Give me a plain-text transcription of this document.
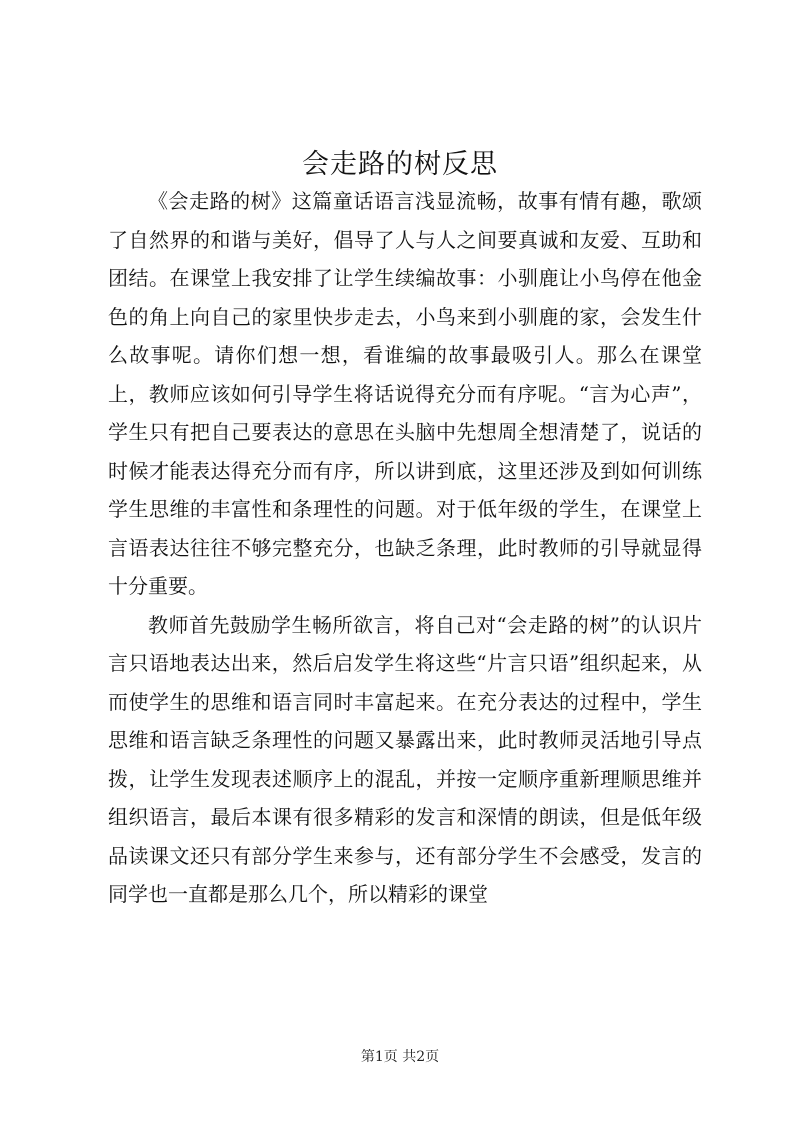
会走路的树反思

《会走路的树》这篇童话语言浅显流畅，故事有情有趣，歌颂了自然界的和谐与美好，倡导了人与人之间要真诚和友爱、互助和团结。在课堂上我安排了让学生续编故事：小驯鹿让小鸟停在他金色的角上向自己的家里快步走去，小鸟来到小驯鹿的家，会发生什么故事呢。请你们想一想，看谁编的故事最吸引人。那么在课堂上，教师应该如何引导学生将话说得充分而有序呢。“言为心声”，学生只有把自己要表达的意思在头脑中先想周全想清楚了，说话的时候才能表达得充分而有序，所以讲到底，这里还涉及到如何训练学生思维的丰富性和条理性的问题。对于低年级的学生，在课堂上言语表达往往不够完整充分，也缺乏条理，此时教师的引导就显得十分重要。

教师首先鼓励学生畅所欲言，将自己对“会走路的树”的认识片言只语地表达出来，然后启发学生将这些“片言只语”组织起来，从而使学生的思维和语言同时丰富起来。在充分表达的过程中，学生思维和语言缺乏条理性的问题又暴露出来，此时教师灵活地引导点拨，让学生发现表述顺序上的混乱，并按一定顺序重新理顺思维并组织语言，最后本课有很多精彩的发言和深情的朗读，但是低年级品读课文还只有部分学生来参与，还有部分学生不会感受，发言的同学也一直都是那么几个，所以精彩的课堂

第1页 共2页
